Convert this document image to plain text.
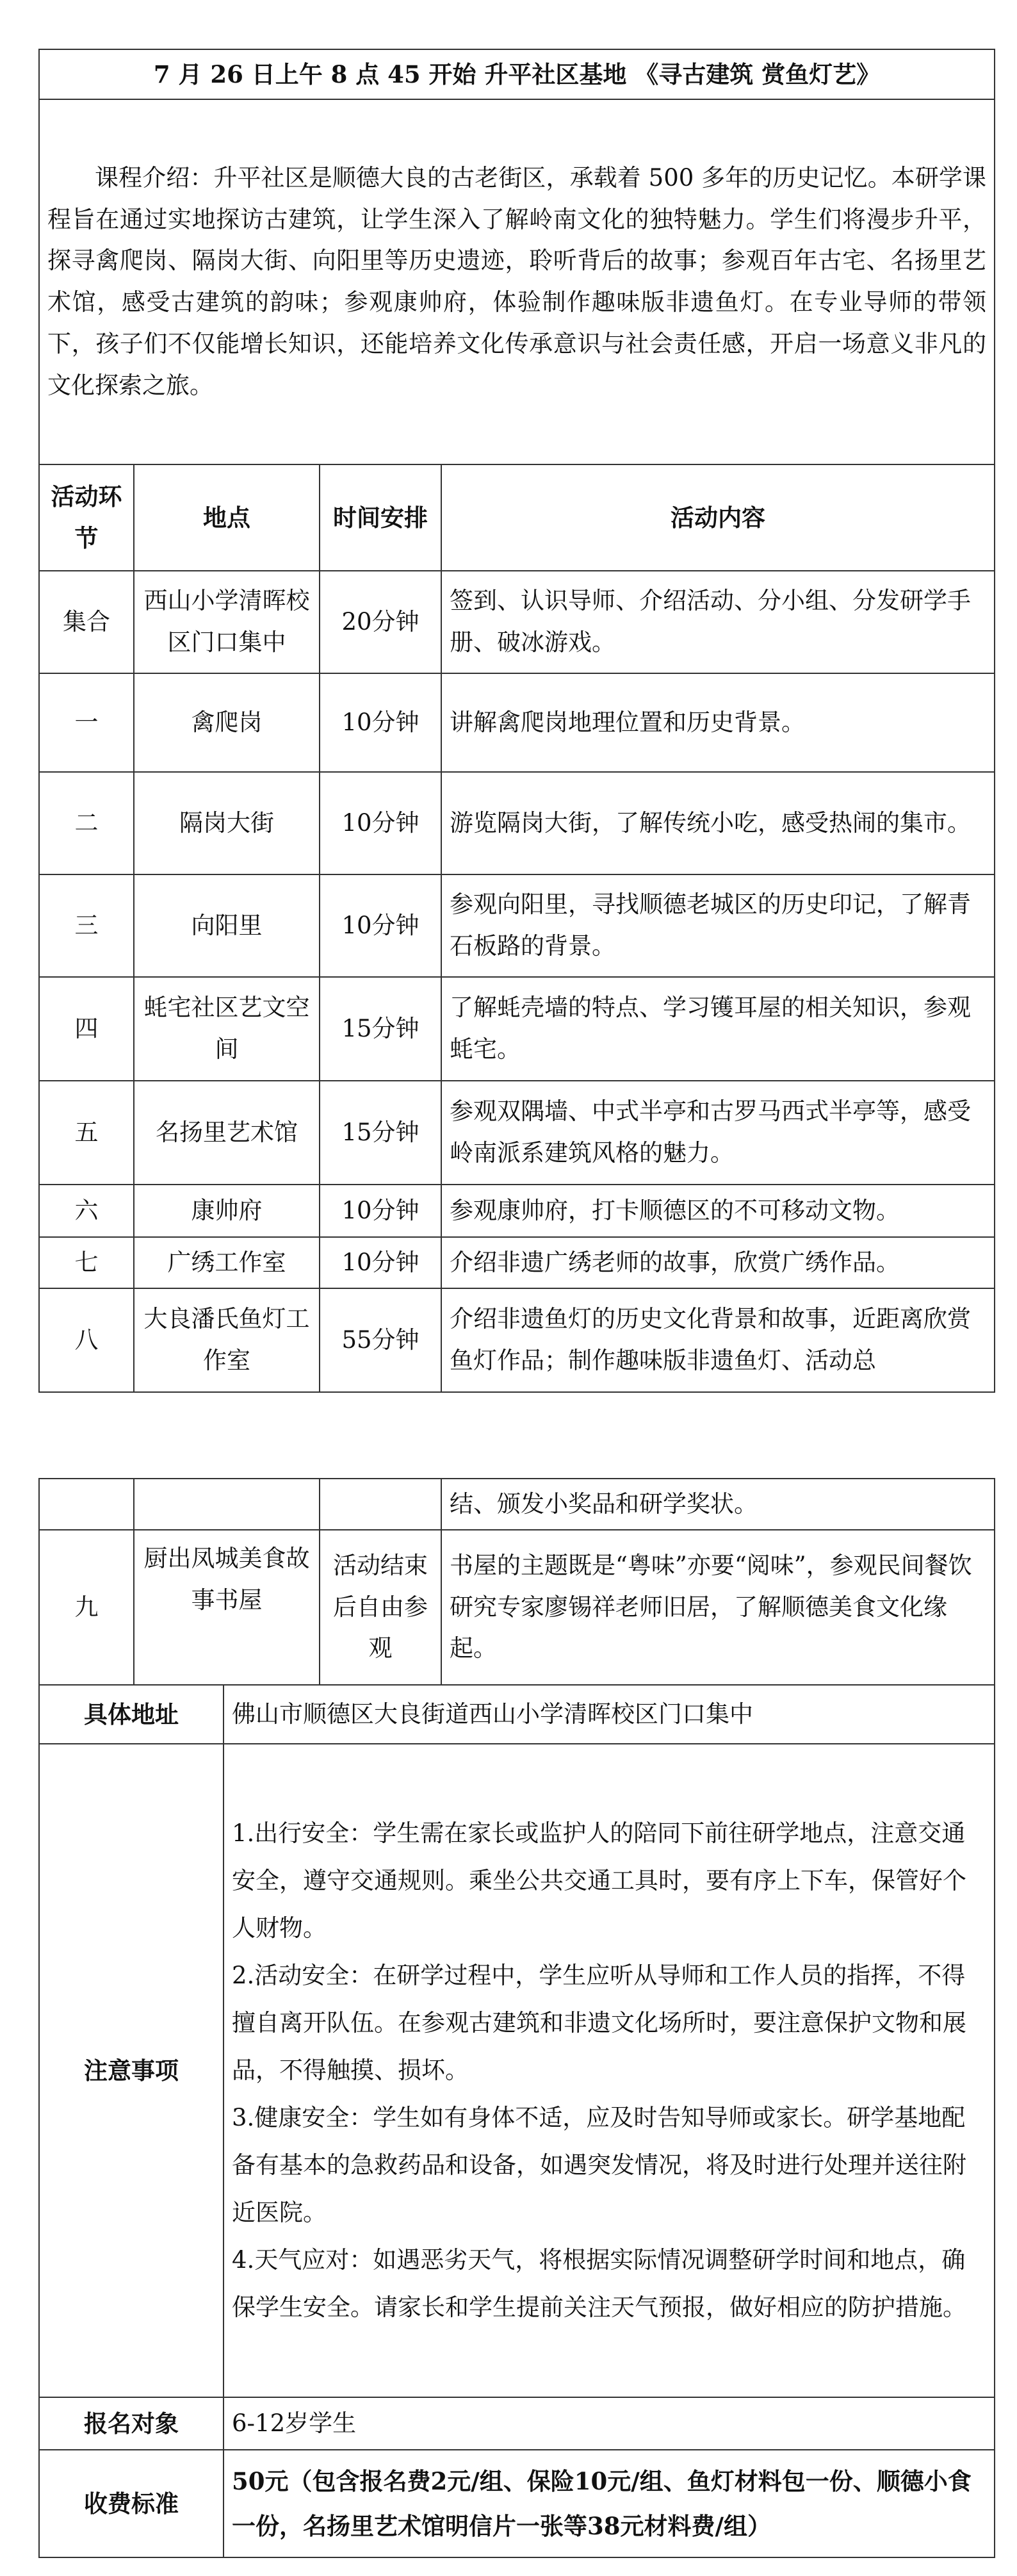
7 月 26 日上午 8 点 45 开始 升平社区基地 《寻古建筑 赏鱼灯艺》			
课程介绍：升平社区是顺德大良的古老街区，承载着 500 多年的历史记忆。本研学课程旨在通过实地探访古建筑，让学生深入了解岭南文化的独特魅力。学生们将漫步升平，探寻禽爬岗、隔岗大街、向阳里等历史遗迹，聆听背后的故事；参观百年古宅、名扬里艺术馆，感受古建筑的韵味；参观康帅府，体验制作趣味版非遗鱼灯。在专业导师的带领下，孩子们不仅能增长知识，还能培养文化传承意识与社会责任感，开启一场意义非凡的文化探索之旅。			
活动环节	地点	时间安排	活动内容
集合	西山小学清晖校区门口集中	20分钟	签到、认识导师、介绍活动、分小组、分发研学手册、破冰游戏。
一	禽爬岗	10分钟	讲解禽爬岗地理位置和历史背景。
二	隔岗大街	10分钟	游览隔岗大街，了解传统小吃，感受热闹的集市。
三	向阳里	10分钟	参观向阳里，寻找顺德老城区的历史印记，了解青石板路的背景。
四	蚝宅社区艺文空间	15分钟	了解蚝壳墙的特点、学习镬耳屋的相关知识，参观蚝宅。
五	名扬里艺术馆	15分钟	参观双隅墙、中式半亭和古罗马西式半亭等，感受岭南派系建筑风格的魅力。
六	康帅府	10分钟	参观康帅府，打卡顺德区的不可移动文物。
七	广绣工作室	10分钟	介绍非遗广绣老师的故事，欣赏广绣作品。
八	大良潘氏鱼灯工作室	55分钟	介绍非遗鱼灯的历史文化背景和故事，近距离欣赏鱼灯作品；制作趣味版非遗鱼灯、活动总
				结、颁发小奖品和研学奖状。
九	厨出凤城美食故事书屋		活动结束后自由参观	书屋的主题既是“粤味”亦要“阅味”，参观民间餐饮研究专家廖锡祥老师旧居，了解顺德美食文化缘起。
具体地址		佛山市顺德区大良街道西山小学清晖校区门口集中		
注意事项		1.出行安全：学生需在家长或监护人的陪同下前往研学地点，注意交通安全，遵守交通规则。乘坐公共交通工具时，要有序上下车，保管好个人财物。

2.活动安全：在研学过程中，学生应听从导师和工作人员的指挥，不得擅自离开队伍。在参观古建筑和非遗文化场所时，要注意保护文物和展品，不得触摸、损坏。

3.健康安全：学生如有身体不适，应及时告知导师或家长。研学基地配备有基本的急救药品和设备，如遇突发情况，将及时进行处理并送往附近医院。

4.天气应对：如遇恶劣天气，将根据实际情况调整研学时间和地点，确保学生安全。请家长和学生提前关注天气预报，做好相应的防护措施。		

报名对象		6-12岁学生		
收费标准		50元（包含报名费2元/组、保险10元/组、鱼灯材料包一份、顺德小食一份，名扬里艺术馆明信片一张等38元材料费/组）		
